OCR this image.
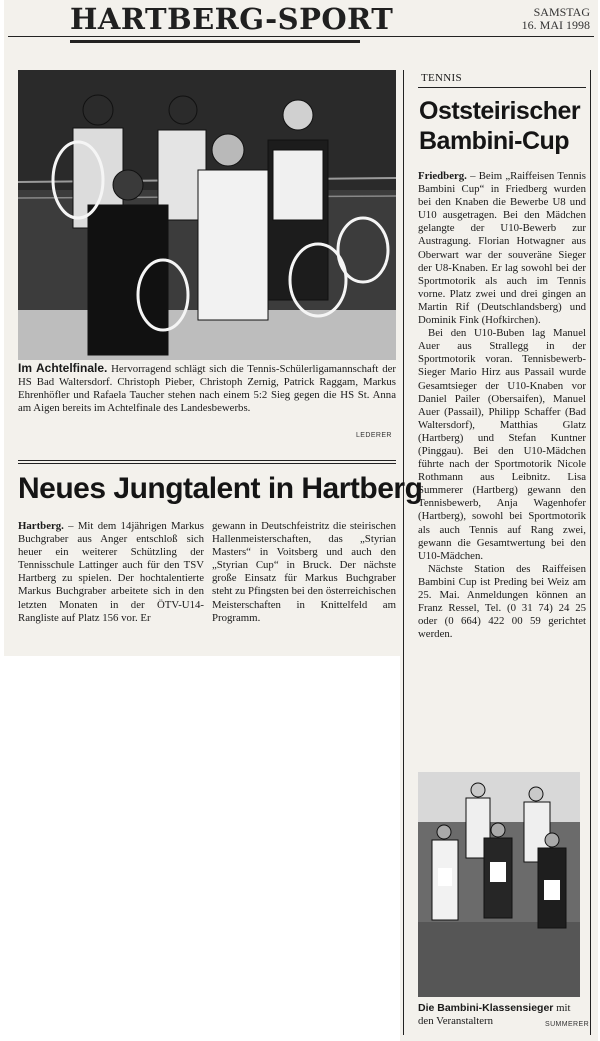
HARTBERG-SPORT	SAMSTAG
16. MAI 1998
Im Achtelfinale. Hervorragend schlägt sich die Tennis-Schülerligamannschaft der HS Bad Waltersdorf. Christoph Pieber, Christoph Zernig, Patrick Raggam, Markus Ehrenhöfler und Rafaela Taucher stehen nach einem 5:2 Sieg gegen die HS St. Anna am Aigen bereits im Achtelfinale des Landesbewerbs.
LEDERER
Neues Jungtalent in Hartberg

Hartberg. – Mit dem 14jährigen Markus Buchgraber aus Anger entschloß sich heuer ein weiterer Schützling der Tennisschule Lattinger auch für den TSV Hartberg zu spielen. Der hochtalentierte Markus Buchgraber arbeitete sich in den letzten Monaten in der ÖTV-U14-Rangliste auf Platz 156 vor. Er

gewann in Deutschfeistritz die steirischen Hallenmeisterschaften, das „Styrian Masters“ in Voitsberg und auch den „Styrian Cup“ in Bruck. Der nächste große Einsatz für Markus Buchgraber steht zu Pfingsten bei den österreichischen Meisterschaften in Knittelfeld am Programm.

TENNIS
Oststeirischer
Bambini-Cup

Friedberg. – Beim „Raiffeisen Tennis Bambini Cup“ in Friedberg wurden bei den Knaben die Bewerbe U8 und U10 ausgetragen. Bei den Mädchen gelangte der U10-Bewerb zur Austragung. Florian Hotwagner aus Oberwart war der souveräne Sieger der U8-Knaben. Er lag sowohl bei der Sportmotorik als auch im Tennis vorne. Platz zwei und drei gingen an Martin Rif (Deutschlandsberg) und Dominik Fink (Hofkirchen).

Bei den U10-Buben lag Manuel Auer aus Strallegg in der Sportmotorik voran. Tennisbewerb-Sieger Mario Hirz aus Passail wurde Gesamtsieger der U10-Knaben vor Daniel Pailer (Obersaifen), Manuel Auer (Passail), Philipp Schaffer (Bad Waltersdorf), Matthias Glatz (Hartberg) und Stefan Kuntner (Pinggau). Bei den U10-Mädchen führte nach der Sportmotorik Nicole Rothmann aus Leibnitz. Lisa Summerer (Hartberg) gewann den Tennisbewerb, Anja Wagenhofer (Hartberg), sowohl bei Sportmotorik als auch Tennis auf Rang zwei, gewann die Gesamtwertung bei den U10-Mädchen.

Nächste Station des Raiffeisen Bambini Cup ist Preding bei Weiz am 25. Mai. Anmeldungen können an Franz Ressel, Tel. (0 31 74) 24 25 oder (0 664) 422 00 59 gerichtet werden.

Die Bambini-Klassensieger mit den Veranstaltern	SUMMERER
